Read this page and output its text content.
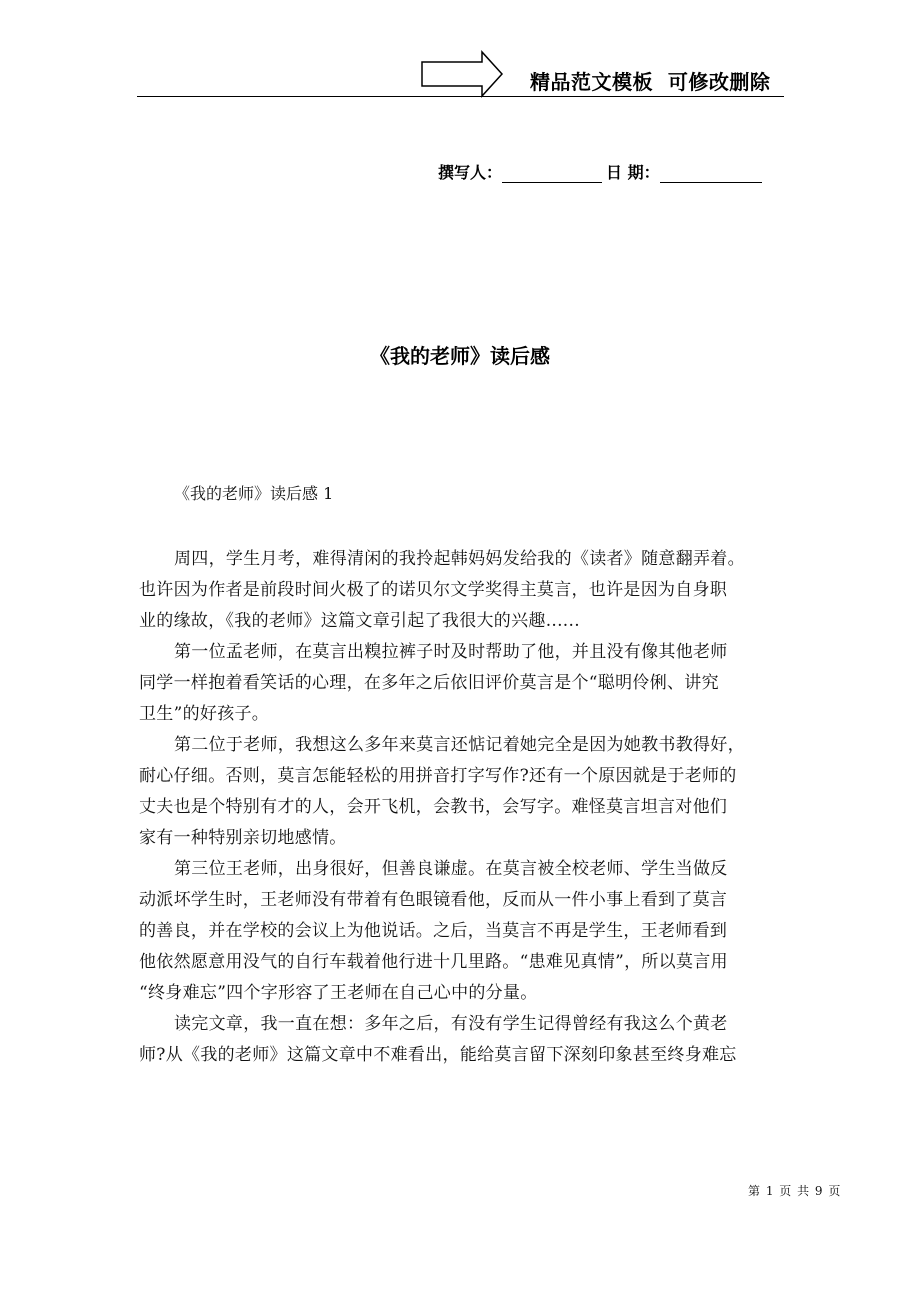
精品范文模板  可修改删除
撰写人：	日 期：
《我的老师》读后感
《我的老师》读后感 1
周四，学生月考，难得清闲的我拎起韩妈妈发给我的《读者》随意翻弄着。
也许因为作者是前段时间火极了的诺贝尔文学奖得主莫言，也许是因为自身职
业的缘故，《我的老师》这篇文章引起了我很大的兴趣......
第一位孟老师，在莫言出糗拉裤子时及时帮助了他，并且没有像其他老师
同学一样抱着看笑话的心理，在多年之后依旧评价莫言是个“聪明伶俐、讲究
卫生”的好孩子。
第二位于老师，我想这么多年来莫言还惦记着她完全是因为她教书教得好，
耐心仔细。否则，莫言怎能轻松的用拼音打字写作?还有一个原因就是于老师的
丈夫也是个特别有才的人，会开飞机，会教书，会写字。难怪莫言坦言对他们
家有一种特别亲切地感情。
第三位王老师，出身很好，但善良谦虚。在莫言被全校老师、学生当做反
动派坏学生时，王老师没有带着有色眼镜看他，反而从一件小事上看到了莫言
的善良，并在学校的会议上为他说话。之后，当莫言不再是学生，王老师看到
他依然愿意用没气的自行车载着他行进十几里路。“患难见真情”，所以莫言用
“终身难忘”四个字形容了王老师在自己心中的分量。
读完文章，我一直在想：多年之后，有没有学生记得曾经有我这么个黄老
师?从《我的老师》这篇文章中不难看出，能给莫言留下深刻印象甚至终身难忘
第 1 页 共 9 页
